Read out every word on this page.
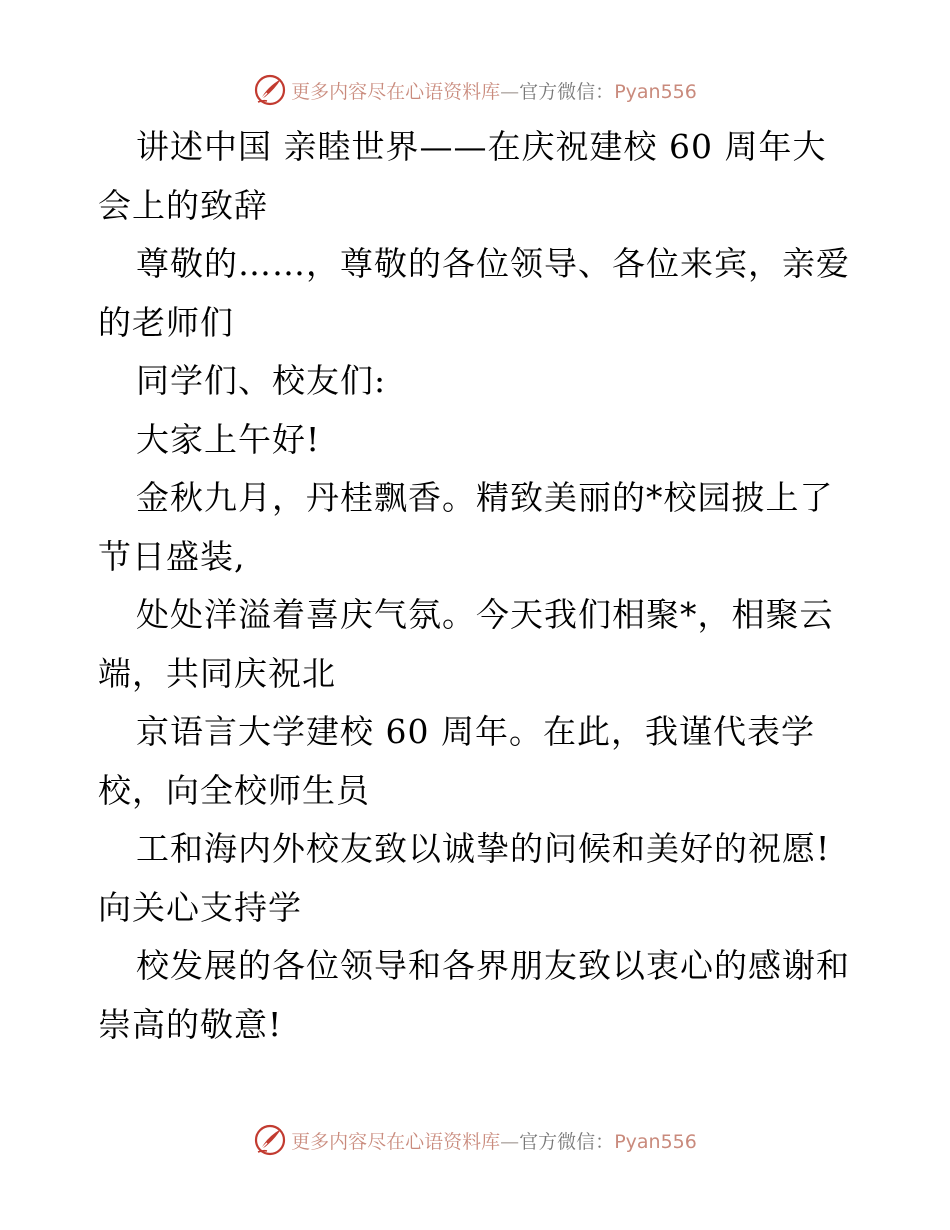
更多内容尽在心语资料库—官方微信：Pyan556
讲述中国 亲睦世界——在庆祝建校 60 周年大
会上的致辞
尊敬的……，尊敬的各位领导、各位来宾，亲爱
的老师们
同学们、校友们:
大家上午好!
金秋九月，丹桂飘香。精致美丽的*校园披上了
节日盛装,
处处洋溢着喜庆气氛。今天我们相聚*，相聚云
端，共同庆祝北
京语言大学建校 60 周年。在此，我谨代表学
校，向全校师生员
工和海内外校友致以诚挚的问候和美好的祝愿!
向关心支持学
校发展的各位领导和各界朋友致以衷心的感谢和
崇高的敬意!
更多内容尽在心语资料库—官方微信：Pyan556
